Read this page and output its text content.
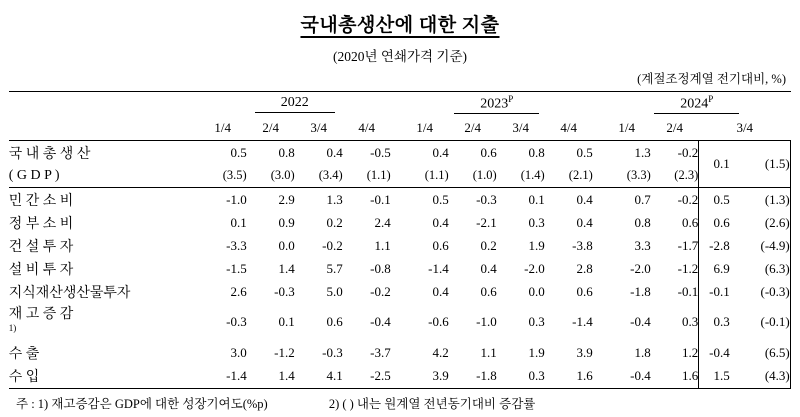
국내총생산에 대한 지출
(2020년 연쇄가격 기준)
(계절조정계열 전기대비, %)
	2022					$2023^P$					$2024^P$
	1/4	2/4	3/4	4/4		1/4	2/4	3/4	4/4		1/4	2/4	3/4

국 내 총 생 산	0.5	0.8	0.4	-0.5		0.4	0.6	0.8	0.5		1.3	-0.2	0.1 (1.5)

( G D P )	(3.5)	(3.0)	(3.4)	(1.1)		(1.1)	(1.0)	(1.4)	(2.1)		(3.3)	(2.3)	

민 간 소 비	-1.0	2.9	1.3	-0.1		0.5	-0.3	0.1	0.4		0.7	-0.2	0.5 (1.3)

정 부 소 비	0.1	0.9	0.2	2.4		0.4	-2.1	0.3	0.4		0.8	0.6	0.6 (2.6)

건 설 투 자	-3.3	0.0	-0.2	1.1		0.6	0.2	1.9	-3.8		3.3	-1.7	-2.8 (-4.9)

설 비 투 자	-1.5	1.4	5.7	-0.8		-1.4	0.4	-2.0	2.8		-2.0	-1.2	6.9 (6.3)

지식재산생산물투자	2.6	-0.3	5.0	-0.2		0.4	0.6	0.0	0.6		-1.8	-0.1	-0.1 (-0.3)

재 고 증 감
$^{1)}$	-0.3	0.1	0.6	-0.4		-0.6	-1.0	0.3	-1.4		-0.4	0.3	0.3 (-0.1)

수 출	3.0	-1.2	-0.3	-3.7		4.2	1.1	1.9	3.9		1.8	1.2	-0.4 (6.5)

수 입	-1.4	1.4	4.1	-2.5		3.9	-1.8	0.3	1.6		-0.4	1.6	1.5 (4.3)
주 : 1) 재고증감은 GDP에 대한 성장기여도(%p)	2) ( ) 내는 원계열 전년동기대비 증감률
